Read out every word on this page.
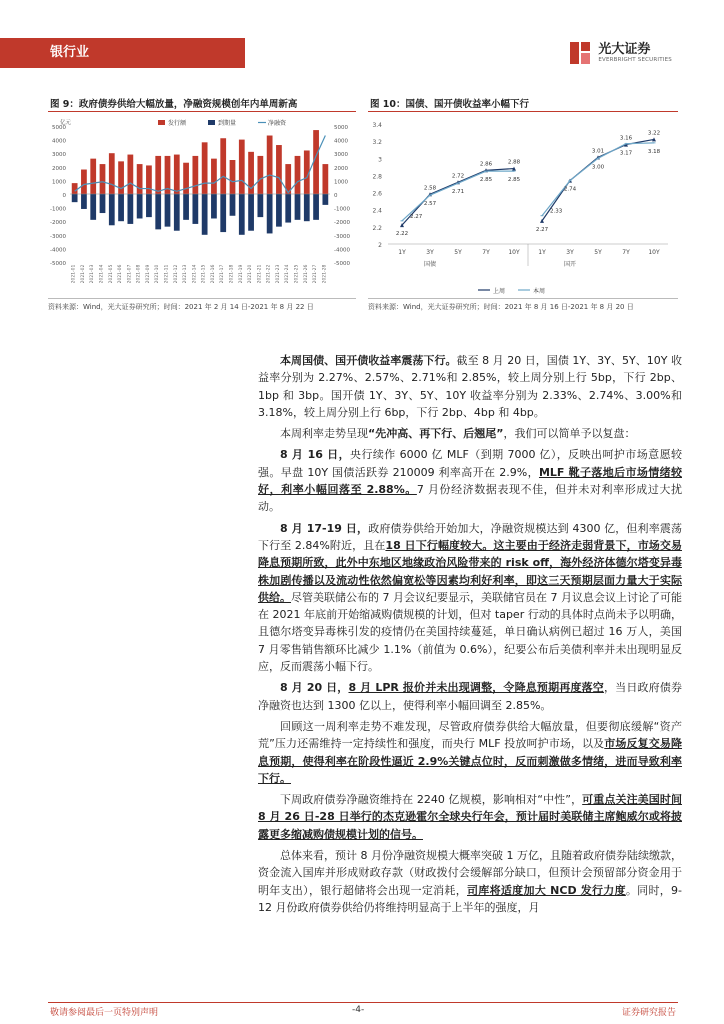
银行业	光大证券
EVERBRIGHT SECURITIES
图 9：政府债券供给大幅放量，净融资规模创年内单周新高	图 10：国债、国开债收益率小幅下行
-5000	-5000
-4000	-4000
-3000	-3000
-2000	-2000
-1000	-1000
0	0
1000	1000
2000	2000
3000	3000
4000	4000
5000	5000
亿元
2021-01 2021-02 2021-03 2021-04 2021-05 2021-06 2021-07 2021-08 2021-09 2021-10 2021-11 2021-12 2021-13 2021-14 2021-15 2021-16 2021-17 2021-18 2021-19 2021-20 2021-21 2021-22 2021-23 2021-24 2021-25 2021-26 2021-27 2021-28
发行额	到期量	净融资
2
2.2
2.4
2.6
2.8
3
3.2
3.4
1Y	3Y	5Y	7Y	10Y	1Y	3Y	5Y	7Y	10Y
国债	国开
2.58
2.72
2.86	2.88
3.01
3.16
3.22
2.22
2.57
2.71
2.85	2.85
2.27
2.74
3.00
3.17	3.18
2.27
2.33
上周	本周
资料来源：Wind，光大证券研究所；时间：2021 年 2 月 14 日-2021 年 8 月 22 日	资料来源：Wind，光大证券研究所；时间：2021 年 8 月 16 日-2021 年 8 月 20 日

本周国债、国开债收益率震荡下行。截至 8 月 20 日，国债 1Y、3Y、5Y、10Y 收益率分别为 2.27%、2.57%、2.71%和 2.85%，较上周分别上行 5bp，下行 2bp、1bp 和 3bp。国开债 1Y、3Y、5Y、10Y 收益率分别为 2.33%、2.74%、3.00%和 3.18%，较上周分别上行 6bp，下行 2bp、4bp 和 4bp。

本周利率走势呈现“先冲高、再下行、后翘尾”，我们可以简单予以复盘：

8 月 16 日，央行续作 6000 亿 MLF（到期 7000 亿），反映出呵护市场意愿较强。早盘 10Y 国债活跃券 210009 利率高开在 2.9%，MLF 靴子落地后市场情绪较好，利率小幅回落至 2.88%。7 月份经济数据表现不佳，但并未对利率形成过大扰动。

8 月 17-19 日，政府债券供给开始加大，净融资规模达到 4300 亿，但利率震荡下行至 2.84%附近，且在18 日下行幅度较大。这主要由于经济走弱背景下，市场交易降息预期所致，此外中东地区地缘政治风险带来的 risk off，海外经济体德尔塔变异毒株加剧传播以及流动性依然偏宽松等因素均利好利率，即这三天预期层面力量大于实际供给。尽管美联储公布的 7 月会议纪要显示，美联储官员在 7 月议息会议上讨论了可能在 2021 年底前开始缩减购债规模的计划，但对 taper 行动的具体时点尚未予以明确，且德尔塔变异毒株引发的疫情仍在美国持续蔓延，单日确认病例已超过 16 万人，美国 7 月零售销售额环比减少 1.1%（前值为 0.6%），纪要公布后美债利率并未出现明显反应，反而震荡小幅下行。

8 月 20 日，8 月 LPR 报价并未出现调整，令降息预期再度落空，当日政府债券净融资也达到 1300 亿以上，使得利率小幅回调至 2.85%。

回顾这一周利率走势不难发现，尽管政府债券供给大幅放量，但要彻底缓解“资产荒”压力还需维持一定持续性和强度，而央行 MLF 投放呵护市场，以及市场反复交易降息预期，使得利率在阶段性逼近 2.9%关键点位时，反而刺激做多情绪，进而导致利率下行。

下周政府债券净融资维持在 2240 亿规模，影响相对“中性”，可重点关注美国时间 8 月 26 日-28 日举行的杰克逊霍尔全球央行年会，预计届时美联储主席鲍威尔或将披露更多缩减购债规模计划的信号。

总体来看，预计 8 月份净融资规模大概率突破 1 万亿，且随着政府债券陆续缴款，资金流入国库并形成财政存款（财政拨付会缓解部分缺口，但预计会预留部分资金用于明年支出），银行超储将会出现一定消耗，司库将适度加大 NCD 发行力度。同时，9-12 月份政府债券供给仍将维持明显高于上半年的强度，月

敬请参阅最后一页特别声明	-4-	证券研究报告
